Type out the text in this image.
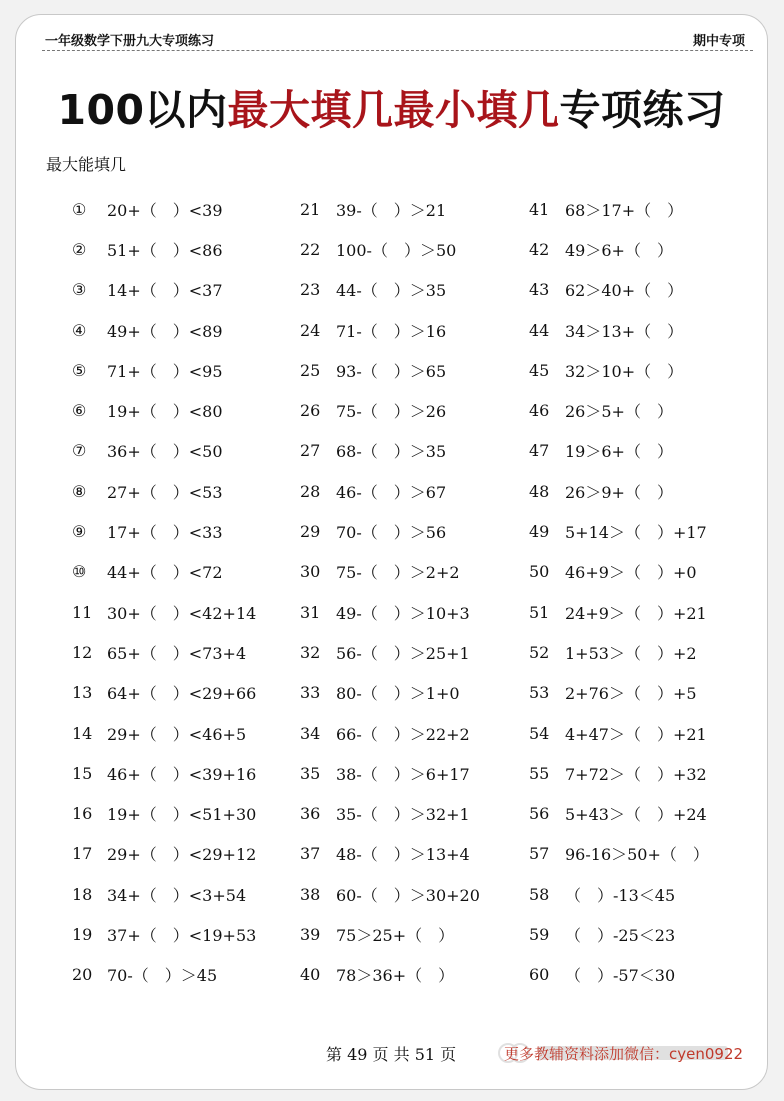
一年级数学下册九大专项练习	期中专项
100以内最大填几最小填几专项练习
最大能填几
①	20+（　）<39
②	51+（　）<86
③	14+（　）<37
④	49+（　）<89
⑤	71+（　）<95
⑥	19+（　）<80
⑦	36+（　）<50
⑧	27+（　）<53
⑨	17+（　）<33
⑩	44+（　）<72
11 30+（　）<42+14
12 65+（　）<73+4
13 64+（　）<29+66
14 29+（　）<46+5
15 46+（　）<39+16
16 19+（　）<51+30
17 29+（　）<29+12
18 34+（　）<3+54
19 37+（　）<19+53
20 70-（　）＞45
21 39-（　）＞21
22 100-（　）＞50
23 44-（　）＞35
24 71-（　）＞16
25 93-（　）＞65
26 75-（　）＞26
27 68-（　）＞35
28 46-（　）＞67
29 70-（　）＞56
30 75-（　）＞2+2
31 49-（　）＞10+3
32 56-（　）＞25+1
33 80-（　）＞1+0
34 66-（　）＞22+2
35 38-（　）＞6+17
36 35-（　）＞32+1
37 48-（　）＞13+4
38 60-（　）＞30+20
39 75＞25+（　）
40 78＞36+（　）
41 68＞17+（　）
42 49＞6+（　）
43 62＞40+（　）
44 34＞13+（　）
45 32＞10+（　）
46 26＞5+（　）
47 19＞6+（　）
48 26＞9+（　）
49 5+14＞（　）+17
50 46+9＞（　）+0
51 24+9＞（　）+21
52 1+53＞（　）+2
53 2+76＞（　）+5
54 4+47＞（　）+21
55 7+72＞（　）+32
56 5+43＞（　）+24
57 96-16＞50+（　）
58 （　）-13＜45
59 （　）-25＜23
60 （　）-57＜30
第 49 页 共 51 页	更多教辅资料添加微信：cyen0922
